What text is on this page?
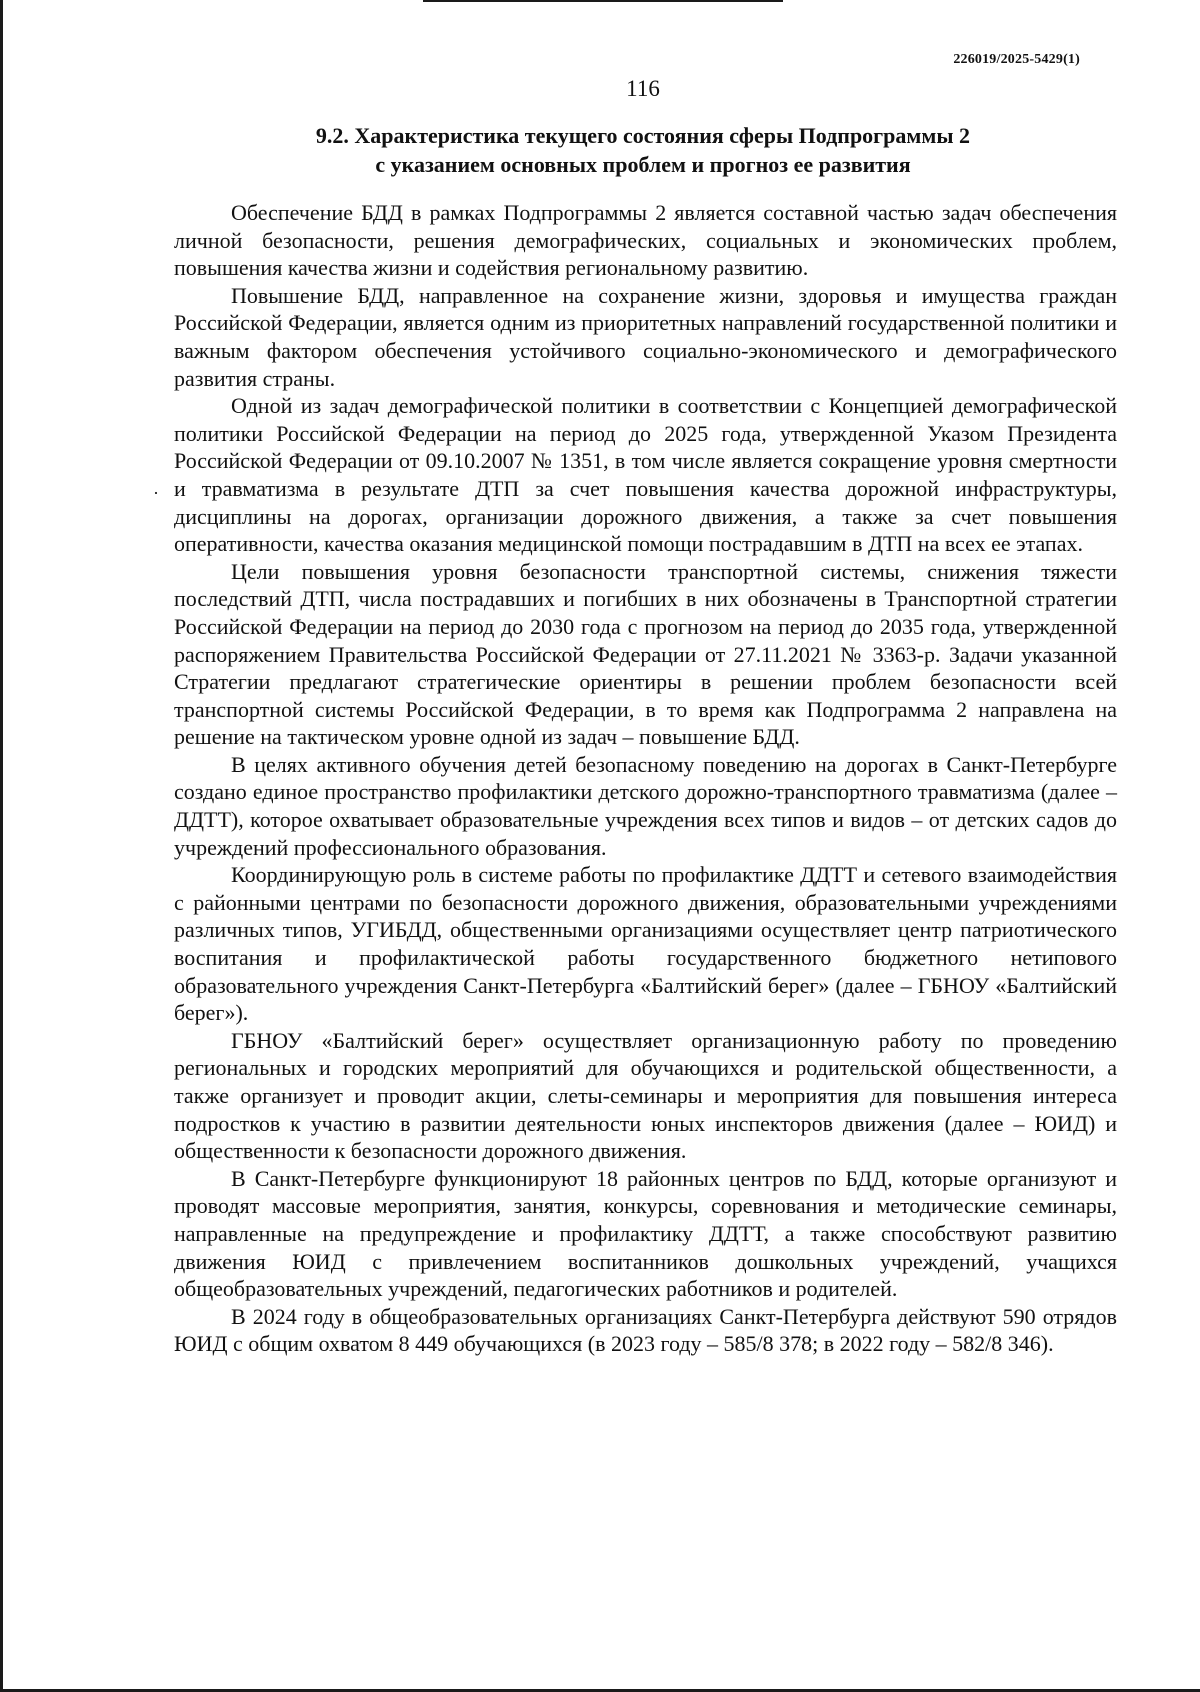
226019/2025-5429(1)
116
9.2. Характеристика текущего состояния сферы Подпрограммы 2
с указанием основных проблем и прогноз ее развития
·

Обеспечение БДД в рамках Подпрограммы 2 является составной частью задач обеспечения личной безопасности, решения демографических, социальных и экономических проблем, повышения качества жизни и содействия региональному развитию.

Повышение БДД, направленное на сохранение жизни, здоровья и имущества граждан Российской Федерации, является одним из приоритетных направлений государственной политики и важным фактором обеспечения устойчивого социально-экономического и демографического развития страны.

Одной из задач демографической политики в соответствии с Концепцией демографической политики Российской Федерации на период до 2025 года, утвержденной Указом Президента Российской Федерации от 09.10.2007 № 1351, в том числе является сокращение уровня смертности и травматизма в результате ДТП за счет повышения качества дорожной инфраструктуры, дисциплины на дорогах, организации дорожного движения, а также за счет повышения оперативности, качества оказания медицинской помощи пострадавшим в ДТП на всех ее этапах.

Цели повышения уровня безопасности транспортной системы, снижения тяжести последствий ДТП, числа пострадавших и погибших в них обозначены в Транспортной стратегии Российской Федерации на период до 2030 года с прогнозом на период до 2035 года, утвержденной распоряжением Правительства Российской Федерации от 27.11.2021 № 3363-р. Задачи указанной Стратегии предлагают стратегические ориентиры в решении проблем безопасности всей транспортной системы Российской Федерации, в то время как Подпрограмма 2 направлена на решение на тактическом уровне одной из задач – повышение БДД.

В целях активного обучения детей безопасному поведению на дорогах в Санкт-Петербурге создано единое пространство профилактики детского дорожно-транспортного травматизма (далее – ДДТТ), которое охватывает образовательные учреждения всех типов и видов – от детских садов до учреждений профессионального образования.

Координирующую роль в системе работы по профилактике ДДТТ и сетевого взаимодействия с районными центрами по безопасности дорожного движения, образовательными учреждениями различных типов, УГИБДД, общественными организациями осуществляет центр патриотического воспитания и профилактической работы государственного бюджетного нетипового образовательного учреждения Санкт-Петербурга «Балтийский берег» (далее – ГБНОУ «Балтийский берег»).

ГБНОУ «Балтийский берег» осуществляет организационную работу по проведению региональных и городских мероприятий для обучающихся и родительской общественности, а также организует и проводит акции, слеты-семинары и мероприятия для повышения интереса подростков к участию в развитии деятельности юных инспекторов движения (далее – ЮИД) и общественности к безопасности дорожного движения.

В Санкт-Петербурге функционируют 18 районных центров по БДД, которые организуют и проводят массовые мероприятия, занятия, конкурсы, соревнования и методические семинары, направленные на предупреждение и профилактику ДДТТ, а также способствуют развитию движения ЮИД с привлечением воспитанников дошкольных учреждений, учащихся общеобразовательных учреждений, педагогических работников и родителей.

В 2024 году в общеобразовательных организациях Санкт-Петербурга действуют 590 отрядов ЮИД с общим охватом 8 449 обучающихся (в 2023 году – 585/8 378; в 2022 году – 582/8 346).
